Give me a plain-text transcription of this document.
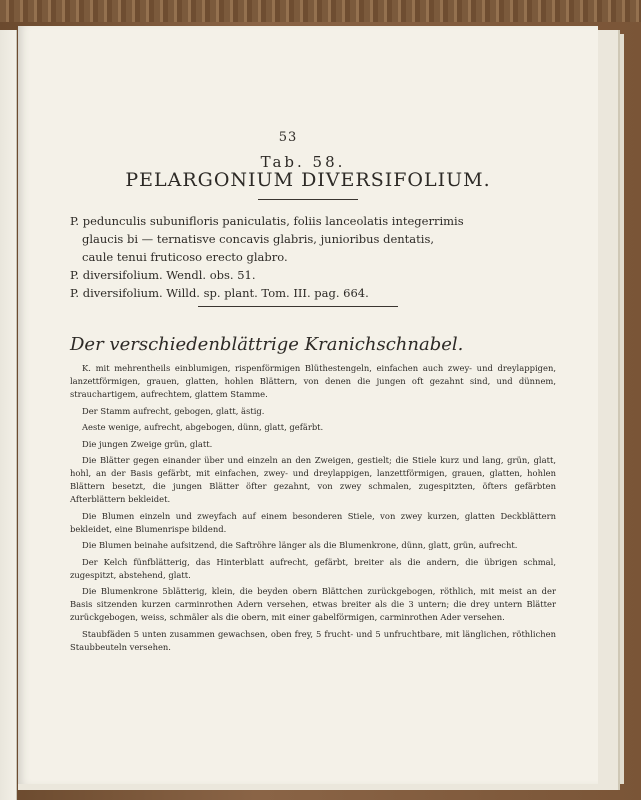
53
Tab. 58.
PELARGONIUM DIVERSIFOLIUM.

P. pedunculis subunifloris paniculatis, foliis lanceolatis integerrimis

glaucis bi — ternatisve concavis glabris, junioribus dentatis,

caule tenui fruticoso erecto glabro.

P. diversifolium. Wendl. obs. 51.

P. diversifolium. Willd. sp. plant. Tom. III. pag. 664.

Der verschiedenblättrige Kranichschnabel.

K. mit mehrentheils einblumigen, rispenförmigen Blüthestengeln, einfachen auch zwey- und dreylappigen, lanzettförmigen, grauen, glatten, hohlen Blättern, von denen die jungen oft gezahnt sind, und dünnem, strauchartigem, aufrechtem, glattem Stamme.

Der Stamm aufrecht, gebogen, glatt, ästig.

Aeste wenige, aufrecht, abgebogen, dünn, glatt, gefärbt.

Die jungen Zweige grün, glatt.

Die Blätter gegen einander über und einzeln an den Zweigen, gestielt; die Stiele kurz und lang, grün, glatt, hohl, an der Basis gefärbt, mit einfachen, zwey- und dreylappigen, lanzettförmigen, grauen, glatten, hohlen Blättern besetzt, die jungen Blätter öfter gezahnt, von zwey schmalen, zugespitzten, öfters gefärbten Afterblättern bekleidet.

Die Blumen einzeln und zweyfach auf einem besonderen Stiele, von zwey kurzen, glatten Deckblättern bekleidet, eine Blumenrispe bildend.

Die Blumen beinahe aufsitzend, die Saftröhre länger als die Blumenkrone, dünn, glatt, grün, aufrecht.

Der Kelch fünfblätterig, das Hinterblatt aufrecht, gefärbt, breiter als die andern, die übrigen schmal, zugespitzt, abstehend, glatt.

Die Blumenkrone 5blätterig, klein, die beyden obern Blättchen zurückgebogen, röthlich, mit meist an der Basis sitzenden kurzen carminrothen Adern versehen, etwas breiter als die 3 untern; die drey untern Blätter zurückgebogen, weiss, schmäler als die obern, mit einer gabelförmigen, carminrothen Ader versehen.

Staubfäden 5 unten zusammen gewachsen, oben frey, 5 frucht- und 5 unfruchtbare, mit länglichen, röthlichen Staubbeuteln versehen.
